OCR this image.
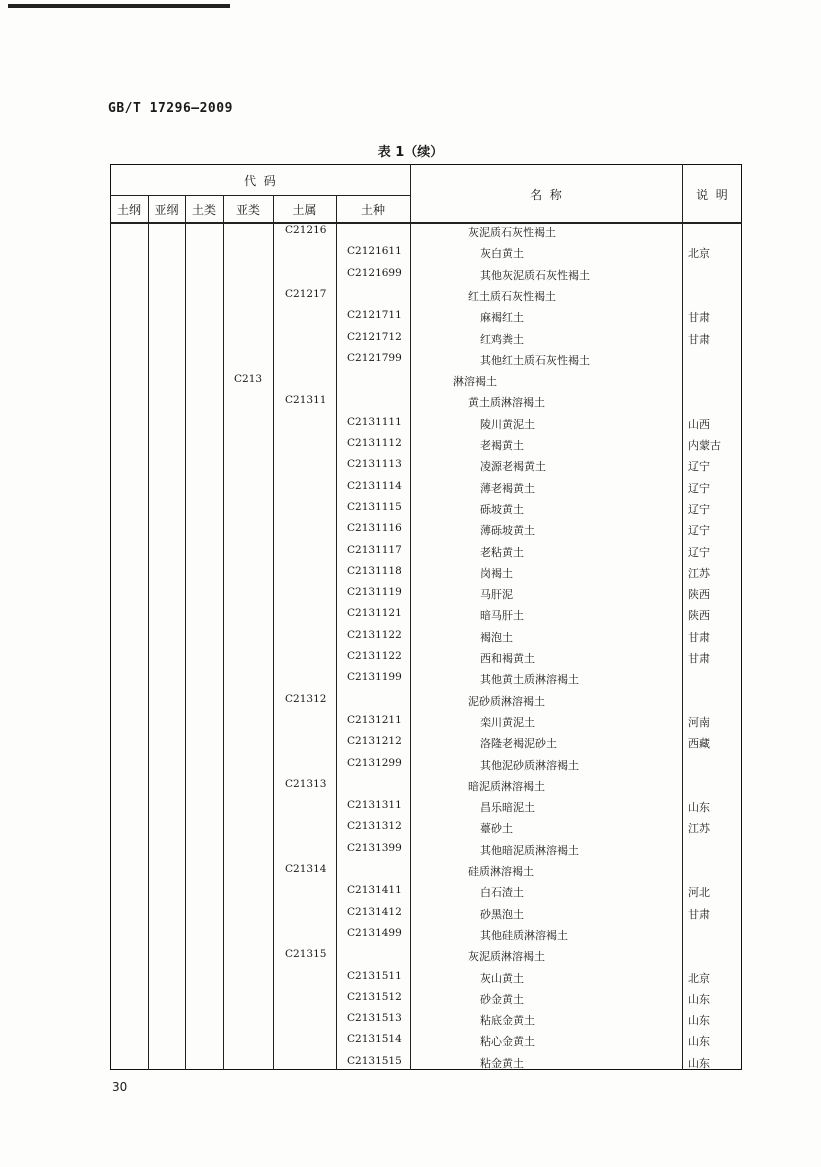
GB/T 17296—2009
表 1（续）
代  码
土纲	亚纲	土类	亚类	土属	土种
名  称	说  明
C21216	灰泥质石灰性褐土
C2121611	灰白黄土	北京
C2121699	其他灰泥质石灰性褐土
C21217	红土质石灰性褐土
C2121711	麻褐红土	甘肃
C2121712	红鸡粪土	甘肃
C2121799	其他红土质石灰性褐土
C213	淋溶褐土
C21311	黄土质淋溶褐土
C2131111	陵川黄泥土	山西
C2131112	老褐黄土	内蒙古
C2131113	凌源老褐黄土	辽宁
C2131114	薄老褐黄土	辽宁
C2131115	砾坡黄土	辽宁
C2131116	薄砾坡黄土	辽宁
C2131117	老粘黄土	辽宁
C2131118	岗褐土	江苏
C2131119	马肝泥	陕西
C2131121	暗马肝土	陕西
C2131122	褐泡土	甘肃
C2131122	西和褐黄土	甘肃
C2131199	其他黄土质淋溶褐土
C21312	泥砂质淋溶褐土
C2131211	栾川黄泥土	河南
C2131212	洛隆老褐泥砂土	西藏
C2131299	其他泥砂质淋溶褐土
C21313	暗泥质淋溶褐土
C2131311	昌乐暗泥土	山东
C2131312	薹砂土	江苏
C2131399	其他暗泥质淋溶褐土
C21314	硅质淋溶褐土
C2131411	白石渣土	河北
C2131412	砂黑泡土	甘肃
C2131499	其他硅质淋溶褐土
C21315	灰泥质淋溶褐土
C2131511	灰山黄土	北京
C2131512	砂金黄土	山东
C2131513	粘底金黄土	山东
C2131514	粘心金黄土	山东
C2131515	粘金黄土	山东
30
